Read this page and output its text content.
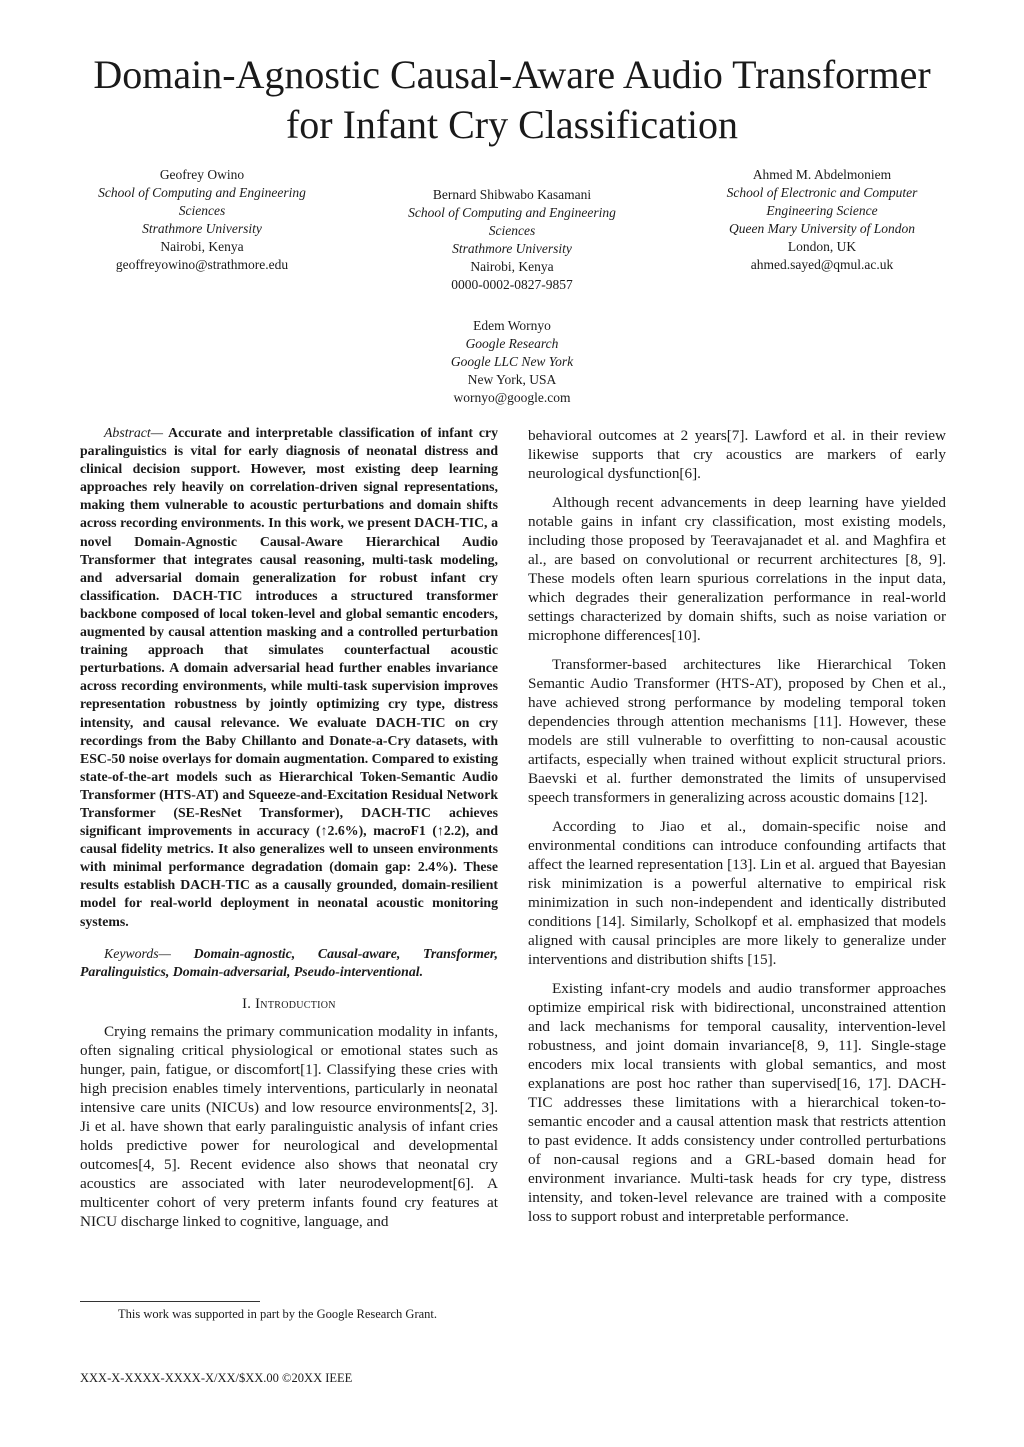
Domain-Agnostic Causal-Aware Audio Transformer
for Infant Cry Classification
Geofrey Owino
School of Computing and Engineering
Sciences
Strathmore University
Nairobi, Kenya
geoffreyowino@strathmore.edu
Bernard Shibwabo Kasamani
School of Computing and Engineering
Sciences
Strathmore University
Nairobi, Kenya
0000-0002-0827-9857
Ahmed M. Abdelmoniem
School of Electronic and Computer
Engineering Science
Queen Mary University of London
London, UK
ahmed.sayed@qmul.ac.uk
Edem Wornyo
Google Research
Google LLC New York
New York, USA
wornyo@google.com

Abstract— Accurate and interpretable classification of infant cry paralinguistics is vital for early diagnosis of neonatal distress and clinical decision support. However, most existing deep learning approaches rely heavily on correlation-driven signal representations, making them vulnerable to acoustic perturbations and domain shifts across recording environments. In this work, we present DACH-TIC, a novel Domain-Agnostic Causal-Aware Hierarchical Audio Transformer that integrates causal reasoning, multi-task modeling, and adversarial domain generalization for robust infant cry classification. DACH-TIC introduces a structured transformer backbone composed of local token-level and global semantic encoders, augmented by causal attention masking and a controlled perturbation training approach that simulates counterfactual acoustic perturbations. A domain adversarial head further enables invariance across recording environments, while multi-task supervision improves representation robustness by jointly optimizing cry type, distress intensity, and causal relevance. We evaluate DACH-TIC on cry recordings from the Baby Chillanto and Donate-a-Cry datasets, with ESC-50 noise overlays for domain augmentation. Compared to existing state-of-the-art models such as Hierarchical Token-Semantic Audio Transformer (HTS-AT) and Squeeze-and-Excitation Residual Network Transformer (SE-ResNet Transformer), DACH-TIC achieves significant improvements in accuracy (↑2.6%), macroF1 (↑2.2), and causal fidelity metrics. It also generalizes well to unseen environments with minimal performance degradation (domain gap: 2.4%). These results establish DACH-TIC as a causally grounded, domain-resilient model for real-world deployment in neonatal acoustic monitoring systems.

Keywords— Domain-agnostic, Causal-aware, Transformer, Paralinguistics, Domain-adversarial, Pseudo-interventional.

I. Introduction

Crying remains the primary communication modality in infants, often signaling critical physiological or emotional states such as hunger, pain, fatigue, or discomfort[1]. Classifying these cries with high precision enables timely interventions, particularly in neonatal intensive care units (NICUs) and low resource environments[2, 3]. Ji et al. have shown that early paralinguistic analysis of infant cries holds predictive power for neurological and developmental outcomes[4, 5]. Recent evidence also shows that neonatal cry acoustics are associated with later neurodevelopment[6]. A multicenter cohort of very preterm infants found cry features at NICU discharge linked to cognitive, language, and

behavioral outcomes at 2 years[7]. Lawford et al. in their review likewise supports that cry acoustics are markers of early neurological dysfunction[6].

Although recent advancements in deep learning have yielded notable gains in infant cry classification, most existing models, including those proposed by Teeravajanadet et al. and Maghfira et al., are based on convolutional or recurrent architectures [8, 9]. These models often learn spurious correlations in the input data, which degrades their generalization performance in real-world settings characterized by domain shifts, such as noise variation or microphone differences[10].

Transformer-based architectures like Hierarchical Token Semantic Audio Transformer (HTS-AT), proposed by Chen et al., have achieved strong performance by modeling temporal token dependencies through attention mechanisms [11]. However, these models are still vulnerable to overfitting to non-causal acoustic artifacts, especially when trained without explicit structural priors. Baevski et al. further demonstrated the limits of unsupervised speech transformers in generalizing across acoustic domains [12].

According to Jiao et al., domain-specific noise and environmental conditions can introduce confounding artifacts that affect the learned representation [13]. Lin et al. argued that Bayesian risk minimization is a powerful alternative to empirical risk minimization in such non-independent and identically distributed conditions [14]. Similarly, Scholkopf et al. emphasized that models aligned with causal principles are more likely to generalize under interventions and distribution shifts [15].

Existing infant-cry models and audio transformer approaches optimize empirical risk with bidirectional, unconstrained attention and lack mechanisms for temporal causality, intervention-level robustness, and joint domain invariance[8, 9, 11]. Single-stage encoders mix local transients with global semantics, and most explanations are post hoc rather than supervised[16, 17]. DACH-TIC addresses these limitations with a hierarchical token-to-semantic encoder and a causal attention mask that restricts attention to past evidence. It adds consistency under controlled perturbations of non-causal regions and a GRL-based domain head for environment invariance. Multi-task heads for cry type, distress intensity, and token-level relevance are trained with a composite loss to support robust and interpretable performance.

This work was supported in part by the Google Research Grant.
XXX-X-XXXX-XXXX-X/XX/$XX.00 ©20XX IEEE
